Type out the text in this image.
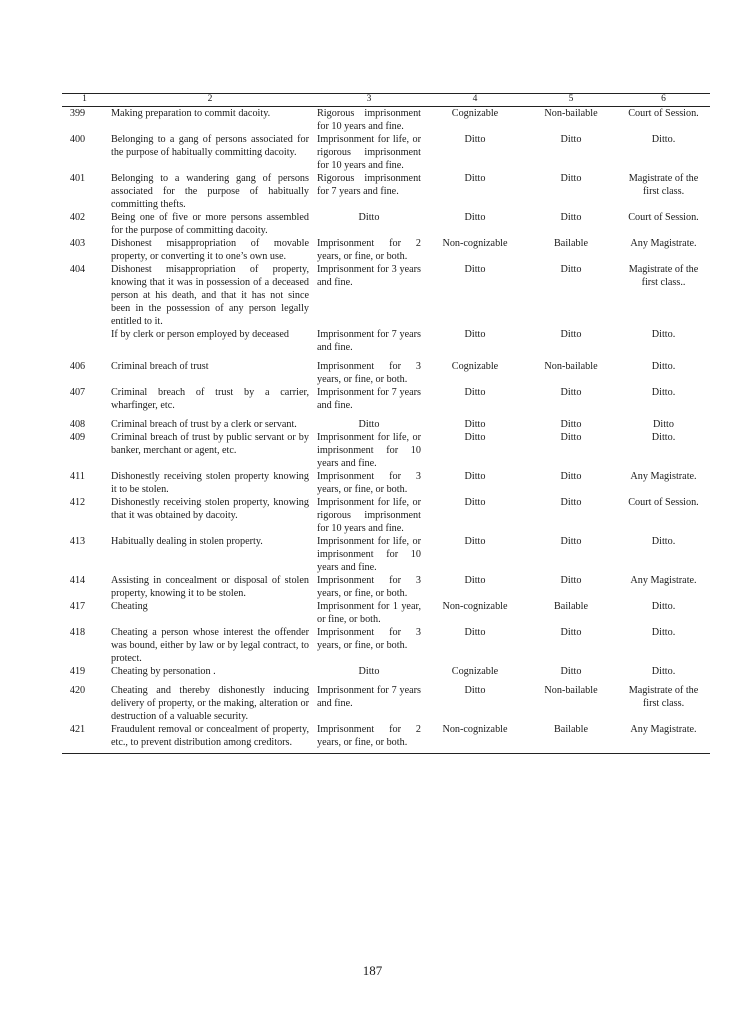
1	2	3	4	5	6
399	Making preparation to commit dacoity.	Rigorous imprisonment for 10 years and fine.	Cognizable	Non-bailable	Court of Session.
400	Belonging to a gang of persons associated for the purpose of habitually committing dacoity.	Imprisonment for life, or rigorous imprisonment for 10 years and fine.	Ditto	Ditto	Ditto.
401	Belonging to a wandering gang of persons associated for the purpose of habitually committing thefts.	Rigorous imprisonment for 7 years and fine.	Ditto	Ditto	Magistrate of the first class.
402	Being one of five or more persons assembled for the purpose of committing dacoity.	Ditto	Ditto	Ditto	Court of Session.
403	Dishonest misappropriation of movable property, or converting it to one’s own use.	Imprisonment for 2 years, or fine, or both.	Non-cognizable	Bailable	Any Magistrate.
404	Dishonest misappropriation of property, knowing that it was in possession of a deceased person at his death, and that it has not since been in the possession of any person legally entitled to it.	Imprisonment for 3 years and fine.	Ditto	Ditto	Magistrate of the first class..
	If by clerk or person employed by deceased	Imprisonment for 7 years and fine.	Ditto	Ditto	Ditto.
406	Criminal breach of trust	Imprisonment for 3 years, or fine, or both.	Cognizable	Non-bailable	Ditto.
407	Criminal breach of trust by a carrier, wharfinger, etc.	Imprisonment for 7 years and fine.	Ditto	Ditto	Ditto.
408	Criminal breach of trust by a clerk or servant.	Ditto	Ditto	Ditto	Ditto
409	Criminal breach of trust by public servant or by banker, merchant or agent, etc.	Imprisonment for life, or imprisonment for 10 years and fine.	Ditto	Ditto	Ditto.
411	Dishonestly receiving stolen property knowing it to be stolen.	Imprisonment for 3 years, or fine, or both.	Ditto	Ditto	Any Magistrate.
412	Dishonestly receiving stolen property, knowing that it was obtained by dacoity.	Imprisonment for life, or rigorous imprisonment for 10 years and fine.	Ditto	Ditto	Court of Session.
413	Habitually dealing in stolen property.	Imprisonment for life, or imprisonment for 10 years and fine.	Ditto	Ditto	Ditto.
414	Assisting in concealment or disposal of stolen property, knowing it to be stolen.	Imprisonment for 3 years, or fine, or both.	Ditto	Ditto	Any Magistrate.
417	Cheating	Imprisonment for 1 year, or fine, or both.	Non-cognizable	Bailable	Ditto.
418	Cheating a person whose interest the offender was bound, either by law or by legal contract, to protect.	Imprisonment for 3 years, or fine, or both.	Ditto	Ditto	Ditto.
419	Cheating by personation .	Ditto	Cognizable	Ditto	Ditto.
420	Cheating and thereby dishonestly inducing delivery of property, or the making, alteration or destruction of a valuable security.	Imprisonment for 7 years and fine.	Ditto	Non-bailable	Magistrate of the first class.
421	Fraudulent removal or concealment of property, etc., to prevent distribution among creditors.	Imprisonment for 2 years, or fine, or both.	Non-cognizable	Bailable	Any Magistrate.
187
